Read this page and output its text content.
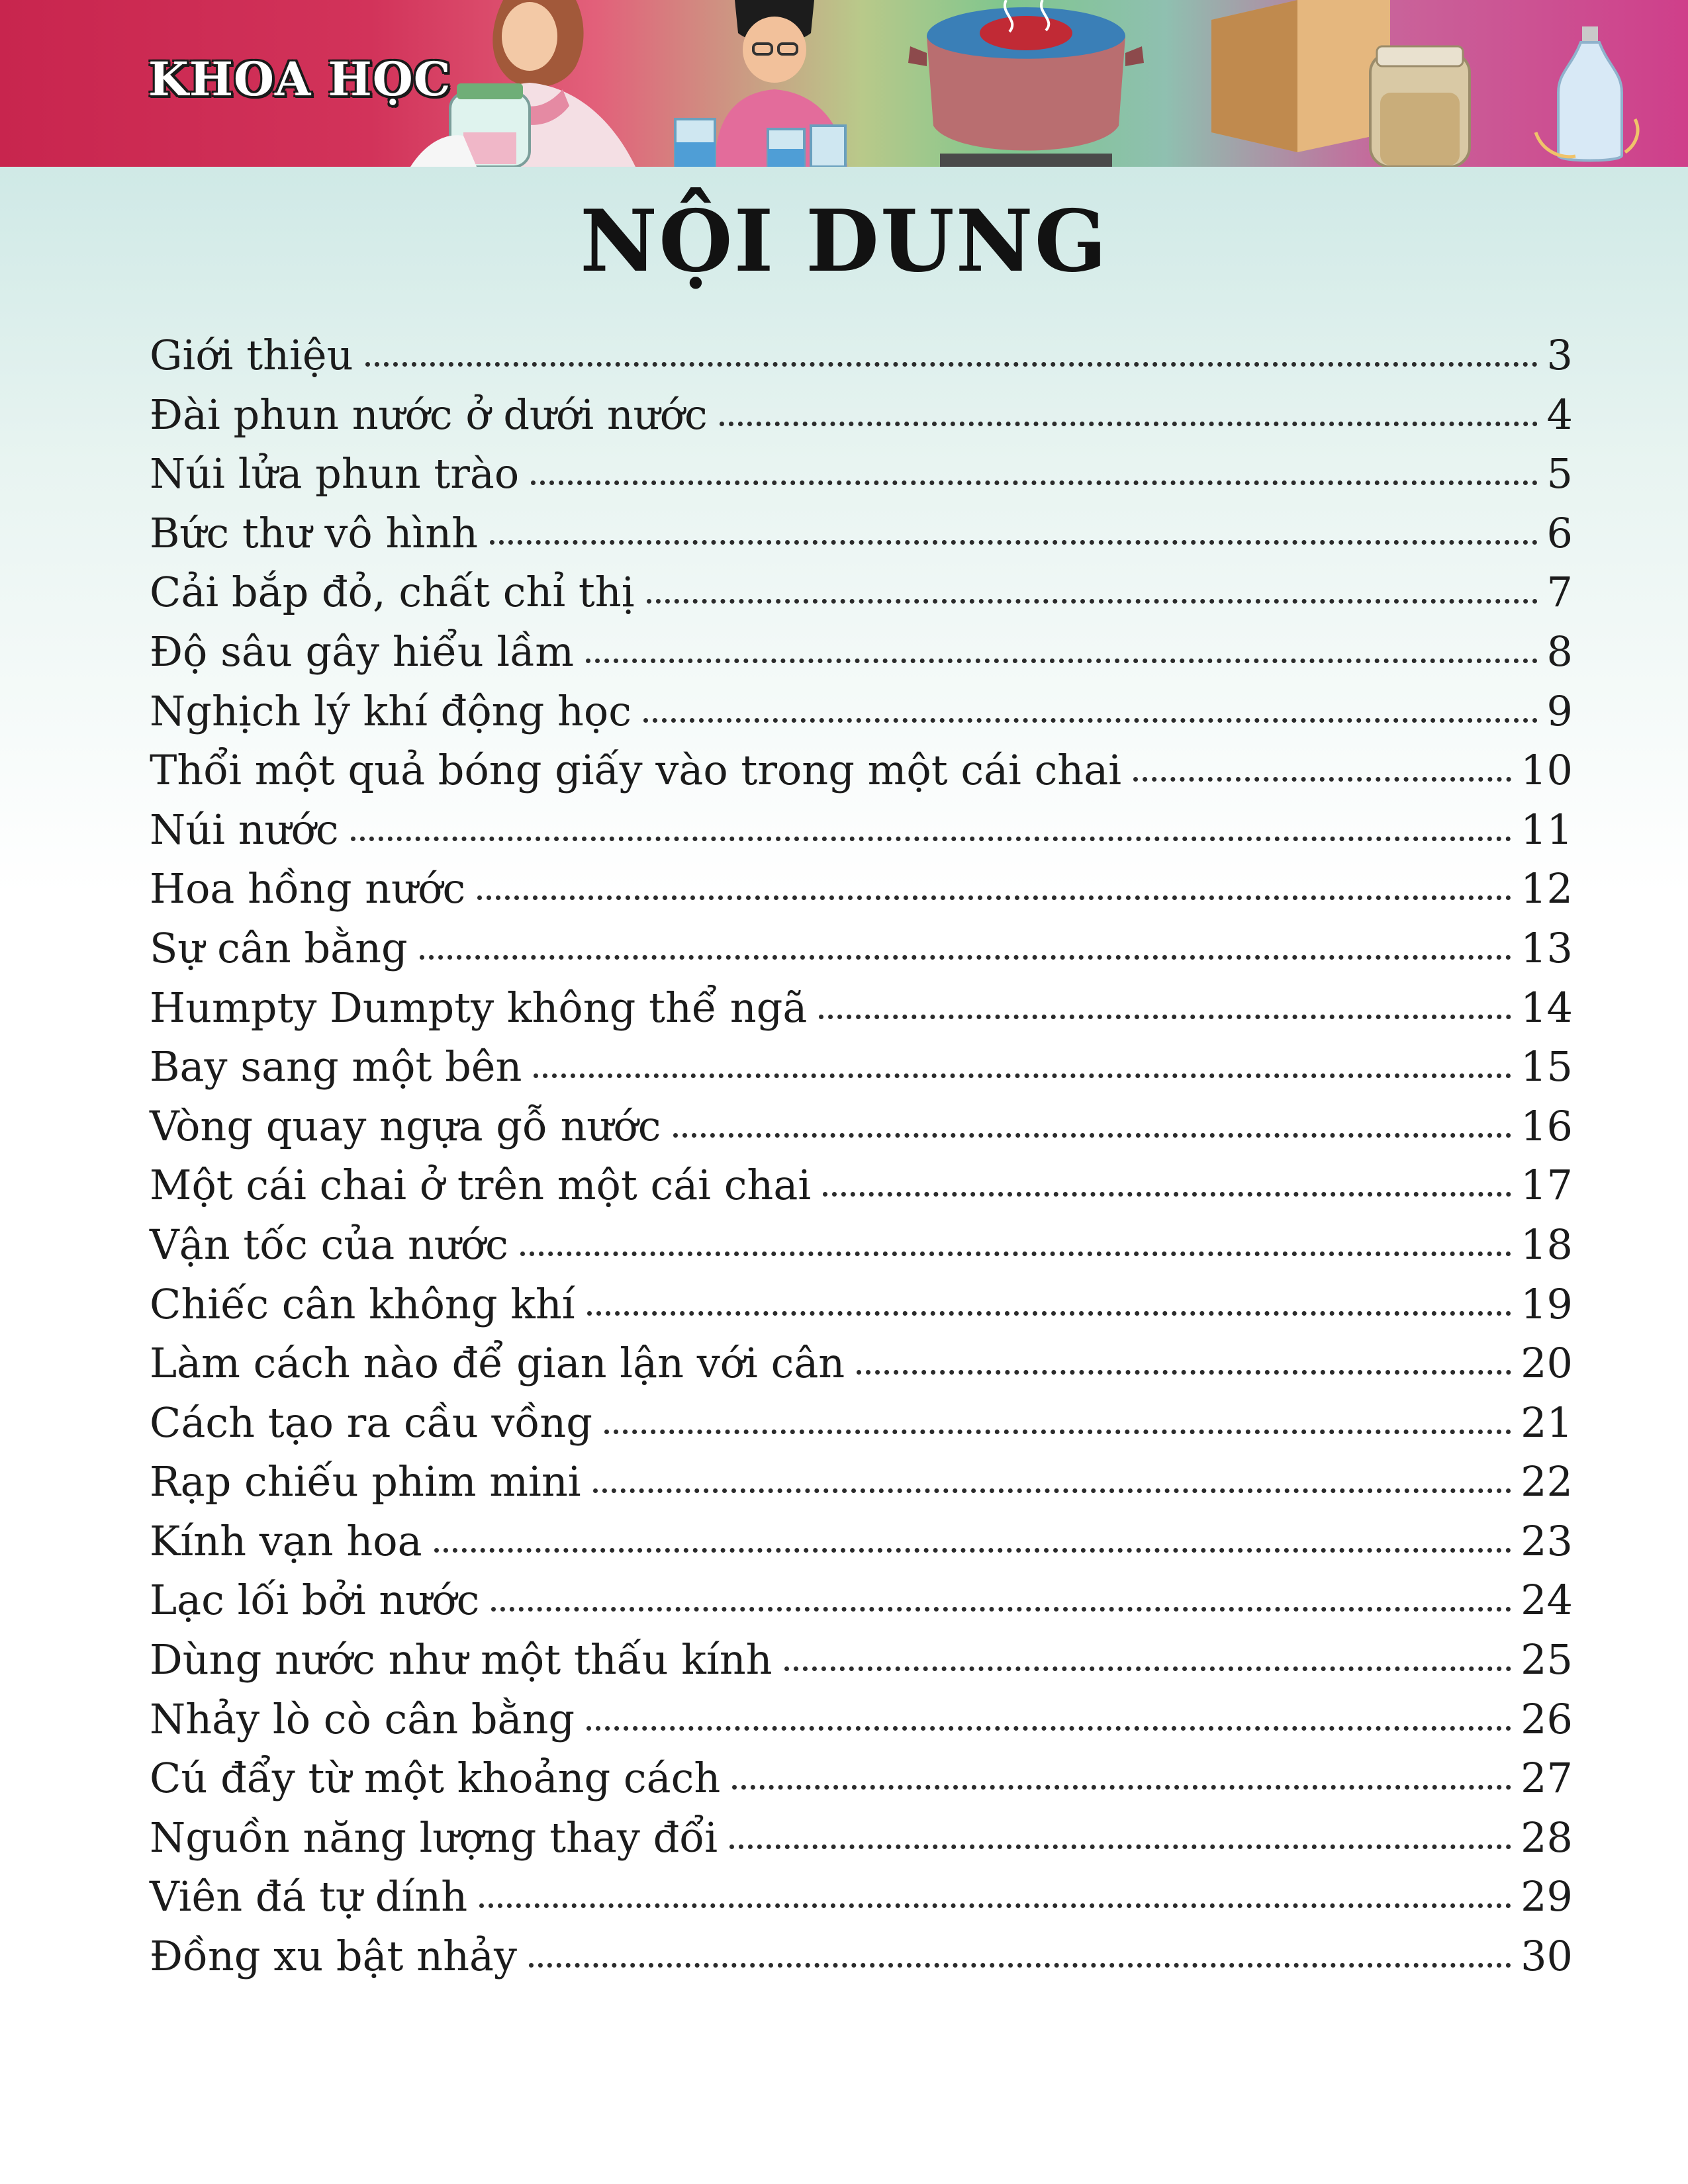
KHOA HỌC
NỘI DUNG
Giới thiệu	3
Đài phun nước ở dưới nước	4
Núi lửa phun trào	5
Bức thư vô hình	6
Cải bắp đỏ, chất chỉ thị	7
Độ sâu gây hiểu lầm	8
Nghịch lý khí động học	9
Thổi một quả bóng giấy vào trong một cái chai	10
Núi nước	11
Hoa hồng nước	12
Sự cân bằng	13
Humpty Dumpty không thể ngã	14
Bay sang một bên	15
Vòng quay ngựa gỗ nước	16
Một cái chai ở trên một cái chai	17
Vận tốc của nước	18
Chiếc cân không khí	19
Làm cách nào để gian lận với cân	20
Cách tạo ra cầu vồng	21
Rạp chiếu phim mini	22
Kính vạn hoa	23
Lạc lối bởi nước	24
Dùng nước như một thấu kính	25
Nhảy lò cò cân bằng	26
Cú đẩy từ một khoảng cách	27
Nguồn năng lượng thay đổi	28
Viên đá tự dính	29
Đồng xu bật nhảy	30
